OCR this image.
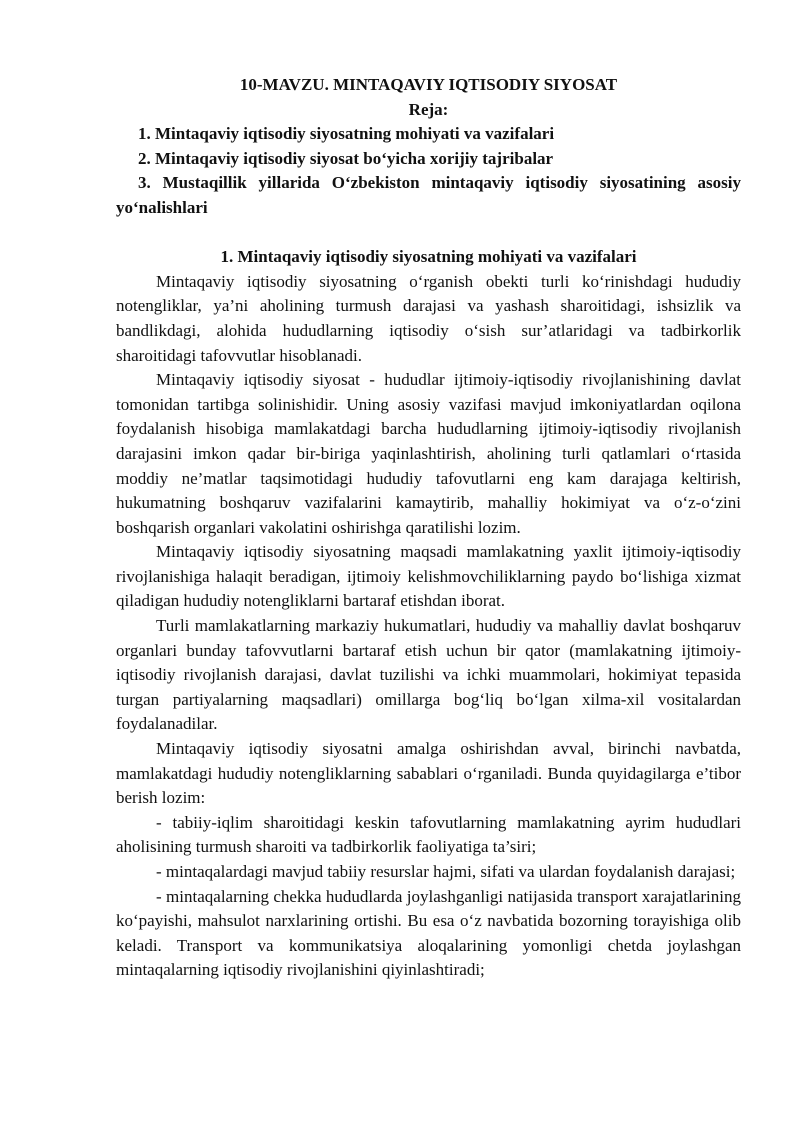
10-MAVZU. MINTAQAVIY IQTISODIY SIYOSAT

Reja:

1. Mintaqaviy iqtisodiy siyosatning mohiyati va vazifalari

2. Mintaqaviy iqtisodiy siyosat bo‘yicha xorijiy tajribalar

3. Mustaqillik yillarida O‘zbekiston mintaqaviy iqtisodiy siyosatining asosiy yo‘nalishlari

1. Mintaqaviy iqtisodiy siyosatning mohiyati va vazifalari

Mintaqaviy iqtisodiy siyosatning o‘rganish obekti turli ko‘rinishdagi hududiy notengliklar, ya’ni aholining turmush darajasi va yashash sharoitidagi, ishsizlik va bandlikdagi, alohida hududlarning iqtisodiy o‘sish sur’atlaridagi va tadbirkorlik sharoitidagi tafovvutlar hisoblanadi.

Mintaqaviy iqtisodiy siyosat - hududlar ijtimoiy-iqtisodiy rivojlanishining davlat tomonidan tartibga solinishidir. Uning asosiy vazifasi mavjud imkoniyatlardan oqilona foydalanish hisobiga mamlakatdagi barcha hududlarning ijtimoiy-iqtisodiy rivojlanish darajasini imkon qadar bir-biriga yaqinlashtirish, aholining turli qatlamlari o‘rtasida moddiy ne’matlar taqsimotidagi hududiy tafovutlarni eng kam darajaga keltirish, hukumatning boshqaruv vazifalarini kamaytirib, mahalliy hokimiyat va o‘z-o‘zini boshqarish organlari vakolatini oshirishga qaratilishi lozim.

Mintaqaviy iqtisodiy siyosatning maqsadi mamlakatning yaxlit ijtimoiy-iqtisodiy rivojlanishiga halaqit beradigan, ijtimoiy kelishmovchiliklarning paydo bo‘lishiga xizmat qiladigan hududiy notengliklarni bartaraf etishdan iborat.

Turli mamlakatlarning markaziy hukumatlari, hududiy va mahalliy davlat boshqaruv organlari bunday tafovvutlarni bartaraf etish uchun bir qator (mamlakatning ijtimoiy-iqtisodiy rivojlanish darajasi, davlat tuzilishi va ichki muammolari, hokimiyat tepasida turgan partiyalarning maqsadlari) omillarga bog‘liq bo‘lgan xilma-xil vositalardan foydalanadilar.

Mintaqaviy iqtisodiy siyosatni amalga oshirishdan avval, birinchi navbatda, mamlakatdagi hududiy notengliklarning sabablari o‘rganiladi. Bunda quyidagilarga e’tibor berish lozim:

- tabiiy-iqlim sharoitidagi keskin tafovutlarning mamlakatning ayrim hududlari aholisining turmush sharoiti va tadbirkorlik faoliyatiga ta’siri;

- mintaqalardagi mavjud tabiiy resurslar hajmi, sifati va ulardan foydalanish darajasi;

- mintaqalarning chekka hududlarda joylashganligi natijasida transport xarajatlarining ko‘payishi, mahsulot narxlarining ortishi. Bu esa o‘z navbatida bozorning torayishiga olib keladi. Transport va kommunikatsiya aloqalarining yomonligi chetda joylashgan mintaqalarning iqtisodiy rivojlanishini qiyinlashtiradi;
